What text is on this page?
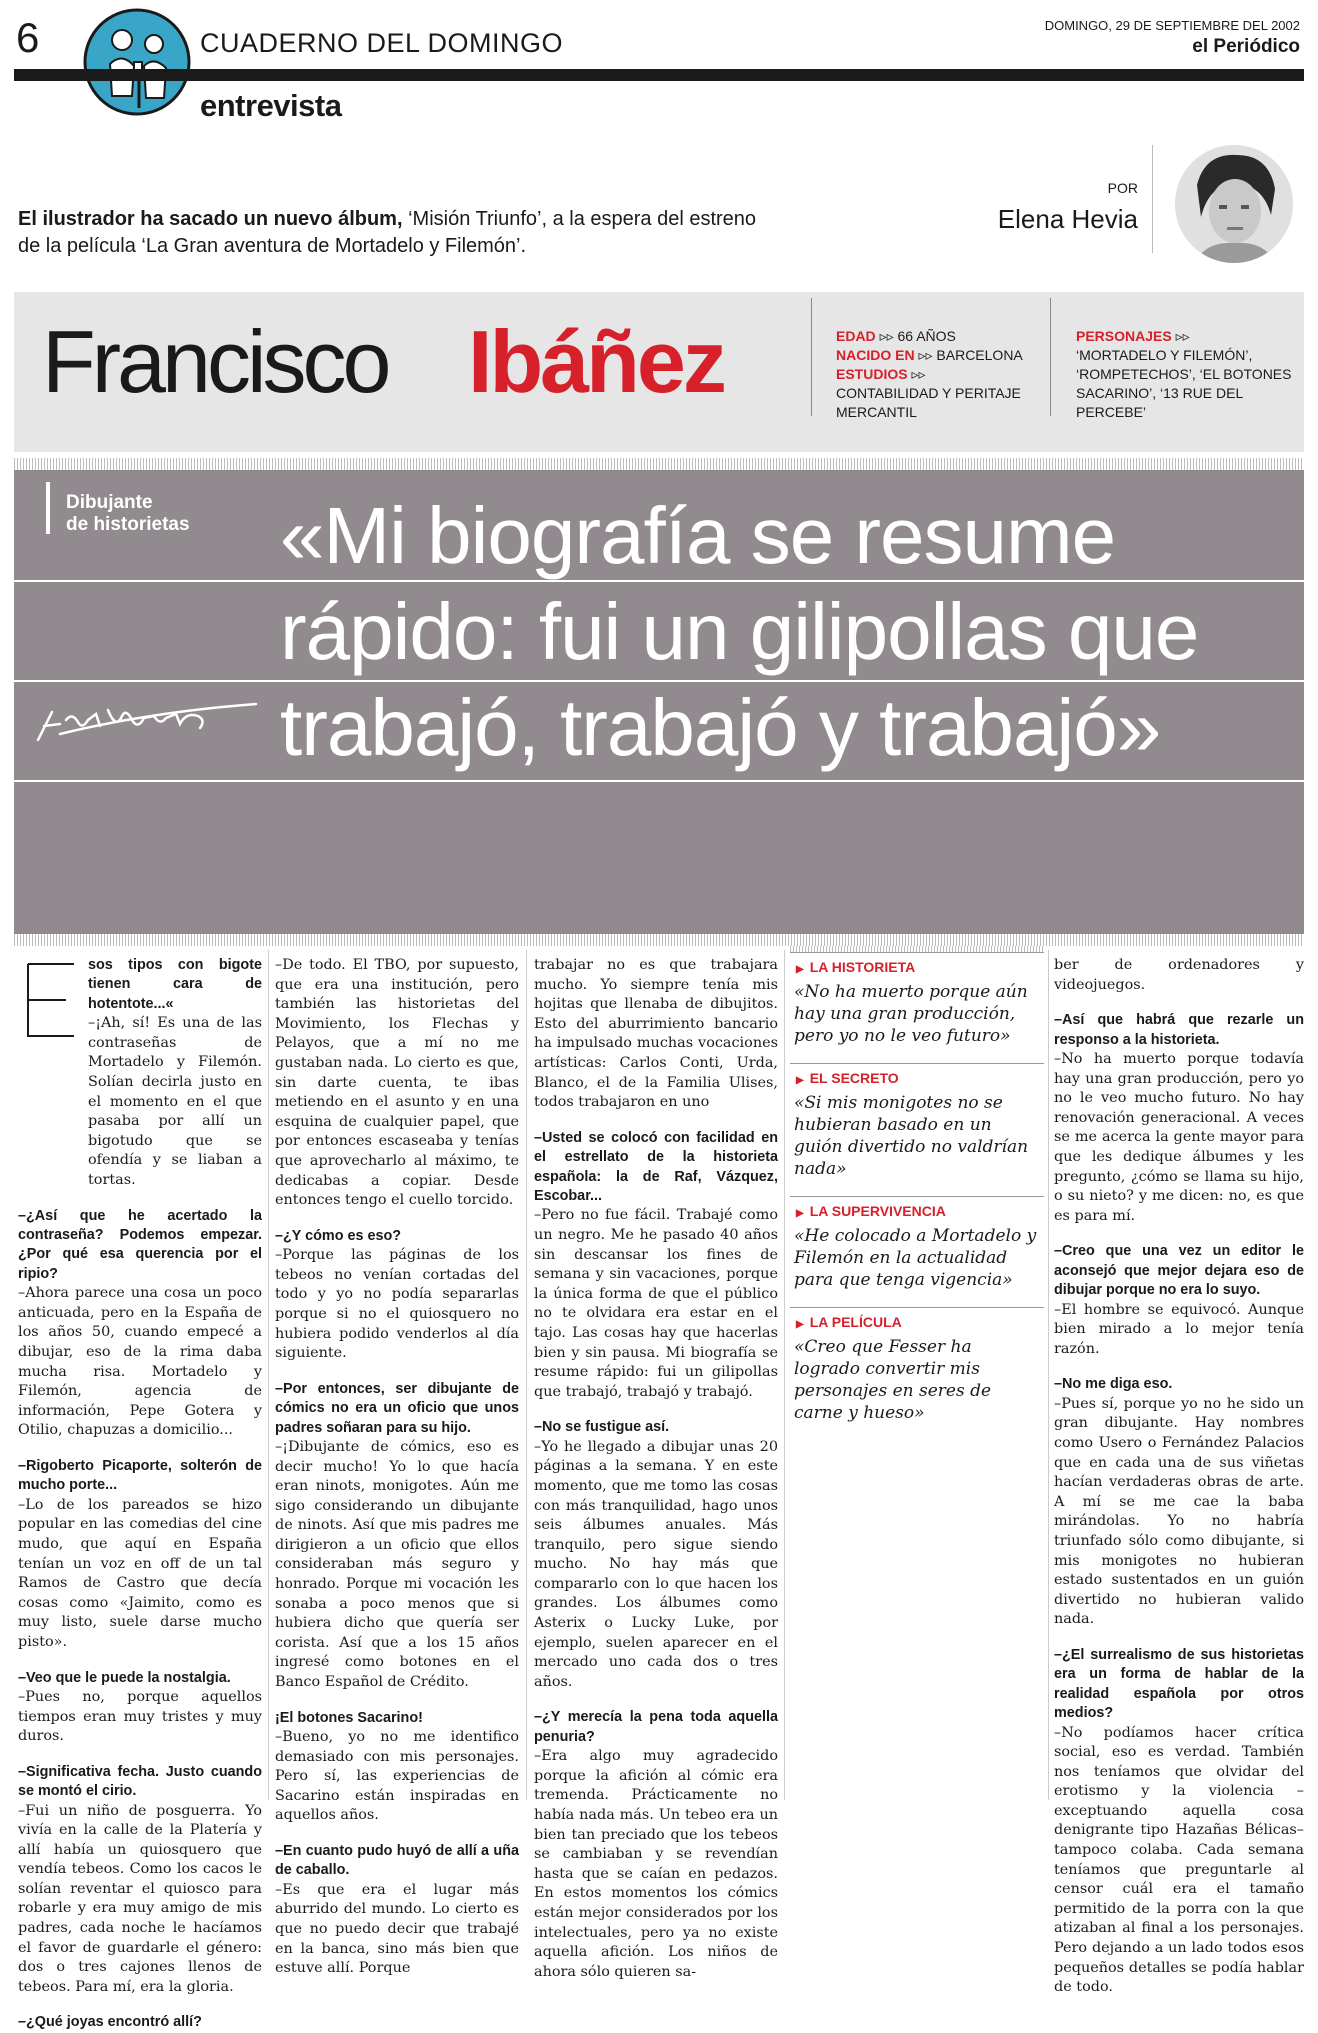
6	CUADERNO DEL DOMINGO
DOMINGO, 29 DE SEPTIEMBRE DEL 2002
el Periódico
entrevista
El ilustrador ha sacado un nuevo álbum, ‘Misión Triunfo’, a la espera del estreno de la película ‘La Gran aventura de Mortadelo y Filemón’.
POR
Elena Hevia
Francisco Ibáñez	EDAD ▹▹ 66 AÑOS
NACIDO EN ▹▹ BARCELONA
ESTUDIOS ▹▹
CONTABILIDAD Y PERITAJE MERCANTIL
PERSONAJES ▹▹
‘MORTADELO Y FILEMÓN’, ‘ROMPETECHOS’, ‘EL BOTONES SACARINO’, ‘13 RUE DEL PERCEBE’
Dibujante
de historietas	«Mi biografía se resume rápido: fui un gilipollas que trabajó, trabajó y trabajó»

sos tipos con bigote tienen cara de hotentote...«

–¡Ah, sí! Es una de las contraseñas de Mortadelo y Filemón. Solían decirla justo en el momento en el que pasaba por allí un bigotudo que se ofendía y se liaban a tortas.

–¿Así que he acertado la contraseña? Podemos empezar. ¿Por qué esa querencia por el ripio?

–Ahora parece una cosa un poco anticuada, pero en la España de los años 50, cuando empecé a dibujar, eso de la rima daba mucha risa. Mortadelo y Filemón, agencia de información, Pepe Gotera y Otilio, chapuzas a domicilio...

–Rigoberto Picaporte, solterón de mucho porte...

–Lo de los pareados se hizo popular en las comedias del cine mudo, que aquí en España tenían un voz en off de un tal Ramos de Castro que decía cosas como «Jaimito, como es muy listo, suele darse mucho pisto».

–Veo que le puede la nostalgia.

–Pues no, porque aquellos tiempos eran muy tristes y muy duros.

–Significativa fecha. Justo cuando se montó el cirio.

–Fui un niño de posguerra. Yo vivía en la calle de la Platería y allí había un quiosquero que vendía tebeos. Como los cacos le solían reventar el quiosco para robarle y era muy amigo de mis padres, cada noche le hacíamos el favor de guardarle el género: dos o tres cajones llenos de tebeos. Para mí, era la gloria.

–¿Qué joyas encontró allí?

–De todo. El TBO, por supuesto, que era una institución, pero también las historietas del Movimiento, los Flechas y Pelayos, que a mí no me gustaban nada. Lo cierto es que, sin darte cuenta, te ibas metiendo en el asunto y en una esquina de cualquier papel, que por entonces escaseaba y tenías que aprovecharlo al máximo, te dedicabas a copiar. Desde entonces tengo el cuello torcido.

–¿Y cómo es eso?

–Porque las páginas de los tebeos no venían cortadas del todo y yo no podía separarlas porque si no el quiosquero no hubiera podido venderlos al día siguiente.

–Por entonces, ser dibujante de cómics no era un oficio que unos padres soñaran para su hijo.

–¡Dibujante de cómics, eso es decir mucho! Yo lo que hacía eran ninots, monigotes. Aún me sigo considerando un dibujante de ninots. Así que mis padres me dirigieron a un oficio que ellos consideraban más seguro y honrado. Porque mi vocación les sonaba a poco menos que si hubiera dicho que quería ser corista. Así que a los 15 años ingresé como botones en el Banco Español de Crédito.

¡El botones Sacarino!

–Bueno, yo no me identifico demasiado con mis personajes. Pero sí, las experiencias de Sacarino están inspiradas en aquellos años.

–En cuanto pudo huyó de allí a uña de caballo.

–Es que era el lugar más aburrido del mundo. Lo cierto es que no puedo decir que trabajé en la banca, sino más bien que estuve allí. Porque

trabajar no es que trabajara mucho. Yo siempre tenía mis hojitas que llenaba de dibujitos. Esto del aburrimiento bancario ha impulsado muchas vocaciones artísticas: Carlos Conti, Urda, Blanco, el de la Familia Ulises, todos trabajaron en uno

–Usted se colocó con facilidad en el estrellato de la historieta española: la de Raf, Vázquez, Escobar...

–Pero no fue fácil. Trabajé como un negro. Me he pasado 40 años sin descansar los fines de semana y sin vacaciones, porque la única forma de que el público no te olvidara era estar en el tajo. Las cosas hay que hacerlas bien y sin pausa. Mi biografía se resume rápido: fui un gilipollas que trabajó, trabajó y trabajó.

–No se fustigue así.

–Yo he llegado a dibujar unas 20 páginas a la semana. Y en este momento, que me tomo las cosas con más tranquilidad, hago unos seis álbumes anuales. Más tranquilo, pero sigue siendo mucho. No hay más que compararlo con lo que hacen los grandes. Los álbumes como Asterix o Lucky Luke, por ejemplo, suelen aparecer en el mercado uno cada dos o tres años.

–¿Y merecía la pena toda aquella penuria?

–Era algo muy agradecido porque la afición al cómic era tremenda. Prácticamente no había nada más. Un tebeo era un bien tan preciado que los tebeos se cambiaban y se revendían hasta que se caían en pedazos. En estos momentos los cómics están mejor considerados por los intelectuales, pero ya no existe aquella afición. Los niños de ahora sólo quieren sa-

▶ LA HISTORIETA
«No ha muerto porque aún hay una gran producción, pero yo no le veo futuro»
▶ EL SECRETO
«Si mis monigotes no se hubieran basado en un guión divertido no valdrían nada»
▶ LA SUPERVIVENCIA
«He colocado a Mortadelo y Filemón en la actualidad para que tenga vigencia»
▶ LA PELÍCULA
«Creo que Fesser ha logrado convertir mis personajes en seres de carne y hueso»

ber de ordenadores y videojuegos.

–Así que habrá que rezarle un responso a la historieta.

–No ha muerto porque todavía hay una gran producción, pero yo no le veo mucho futuro. No hay renovación generacional. A veces se me acerca la gente mayor para que les dedique álbumes y les pregunto, ¿cómo se llama su hijo, o su nieto? y me dicen: no, es que es para mí.

–Creo que una vez un editor le aconsejó que mejor dejara eso de dibujar porque no era lo suyo.

–El hombre se equivocó. Aunque bien mirado a lo mejor tenía razón.

–No me diga eso.

–Pues sí, porque yo no he sido un gran dibujante. Hay nombres como Usero o Fernández Palacios que en cada una de sus viñetas hacían verdaderas obras de arte. A mí se me cae la baba mirándolas. Yo no habría triunfado sólo como dibujante, si mis monigotes no hubieran estado sustentados en un guión divertido no hubieran valido nada.

–¿El surrealismo de sus historietas era un forma de hablar de la realidad española por otros medios?

–No podíamos hacer crítica social, eso es verdad. También nos teníamos que olvidar del erotismo y la violencia –exceptuando aquella cosa denigrante tipo Hazañas Bélicas– tampoco colaba. Cada semana teníamos que preguntarle al censor cuál era el tamaño permitido de la porra con la que atizaban al final a los personajes. Pero dejando a un lado todos esos pequeños detalles se podía hablar de todo.
